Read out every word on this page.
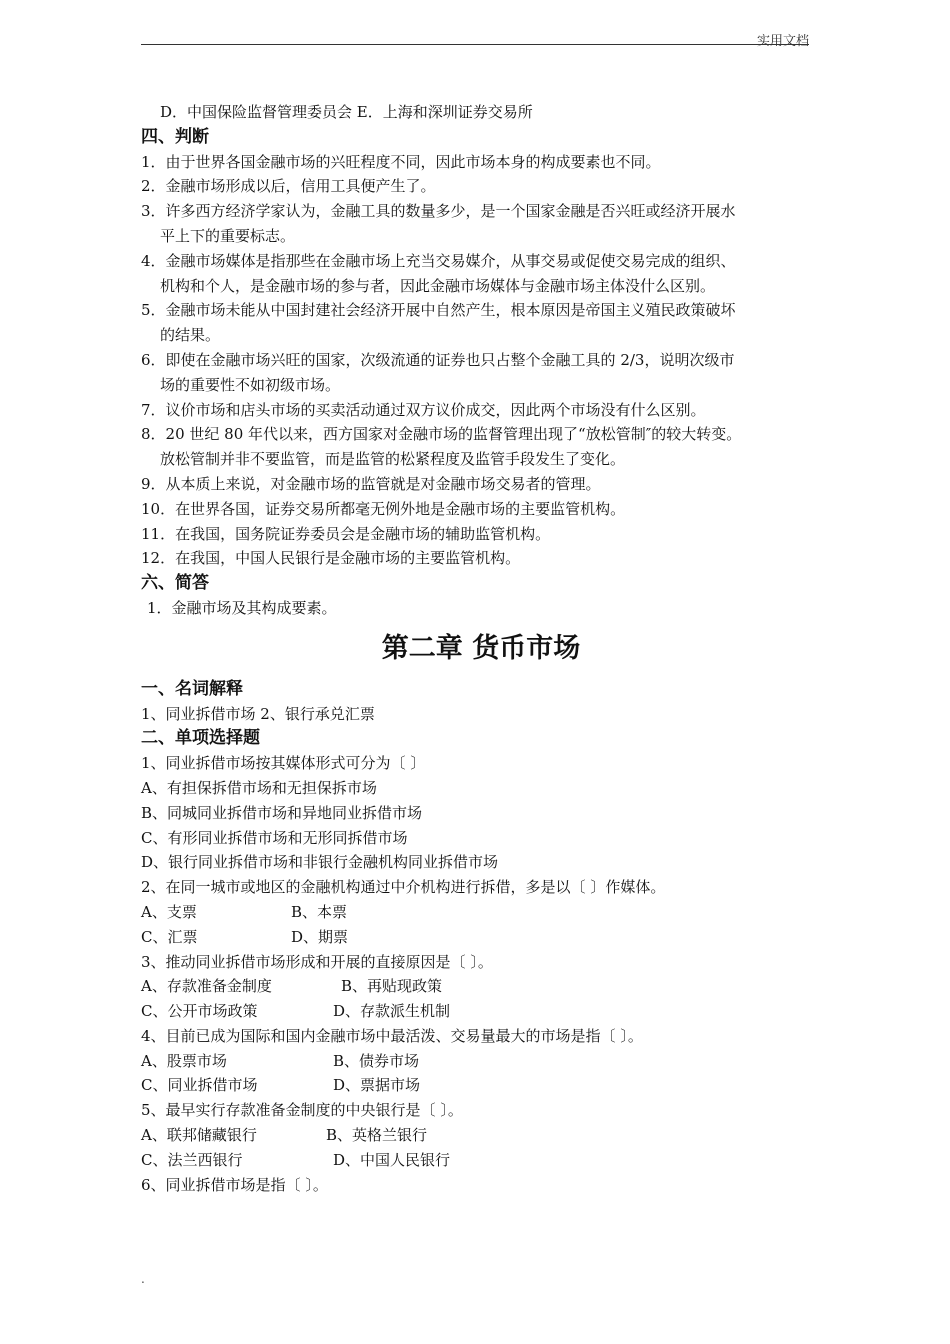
实用文档
D．中国保险监督管理委员会 E．上海和深圳证券交易所
四、判断
1．由于世界各国金融市场的兴旺程度不同，因此市场本身的构成要素也不同。
2．金融市场形成以后，信用工具便产生了。
3．许多西方经济学家认为，金融工具的数量多少，是一个国家金融是否兴旺或经济开展水
平上下的重要标志。
4．金融市场媒体是指那些在金融市场上充当交易媒介，从事交易或促使交易完成的组织、
机构和个人，是金融市场的参与者，因此金融市场媒体与金融市场主体没什么区别。
5．金融市场未能从中国封建社会经济开展中自然产生，根本原因是帝国主义殖民政策破坏
的结果。
6．即使在金融市场兴旺的国家，次级流通的证券也只占整个金融工具的 2/3，说明次级市
场的重要性不如初级市场。
7．议价市场和店头市场的买卖活动通过双方议价成交，因此两个市场没有什么区别。
8．20 世纪 80 年代以来，西方国家对金融市场的监督管理出现了“放松管制″的较大转变。
放松管制并非不要监管，而是监管的松紧程度及监管手段发生了变化。
9．从本质上来说，对金融市场的监管就是对金融市场交易者的管理。
10．在世界各国，证券交易所都毫无例外地是金融市场的主要监管机构。
11．在我国，国务院证券委员会是金融市场的辅助监管机构。
12．在我国，中国人民银行是金融市场的主要监管机构。
六、简答
1．金融市场及其构成要素。
第二章 货币市场
一、名词解释
1、同业拆借市场 2、银行承兑汇票
二、单项选择题
1、同业拆借市场按其媒体形式可分为〔 〕
A、有担保拆借市场和无担保拆市场
B、同城同业拆借市场和异地同业拆借市场
C、有形同业拆借市场和无形同拆借市场
D、银行同业拆借市场和非银行金融机构同业拆借市场
2、在同一城市或地区的金融机构通过中介机构进行拆借，多是以〔 〕作媒体。
A、支票	B、本票
C、汇票	D、期票
3、推动同业拆借市场形成和开展的直接原因是〔 〕。
A、存款准备金制度	B、再贴现政策
C、公开市场政策	D、存款派生机制
4、目前已成为国际和国内金融市场中最活泼、交易量最大的市场是指〔 〕。
A、股票市场	B、债券市场
C、同业拆借市场	D、票据市场
5、最早实行存款准备金制度的中央银行是〔 〕。
A、联邦储藏银行	B、英格兰银行
C、法兰西银行	D、中国人民银行
6、同业拆借市场是指〔 〕。
.
